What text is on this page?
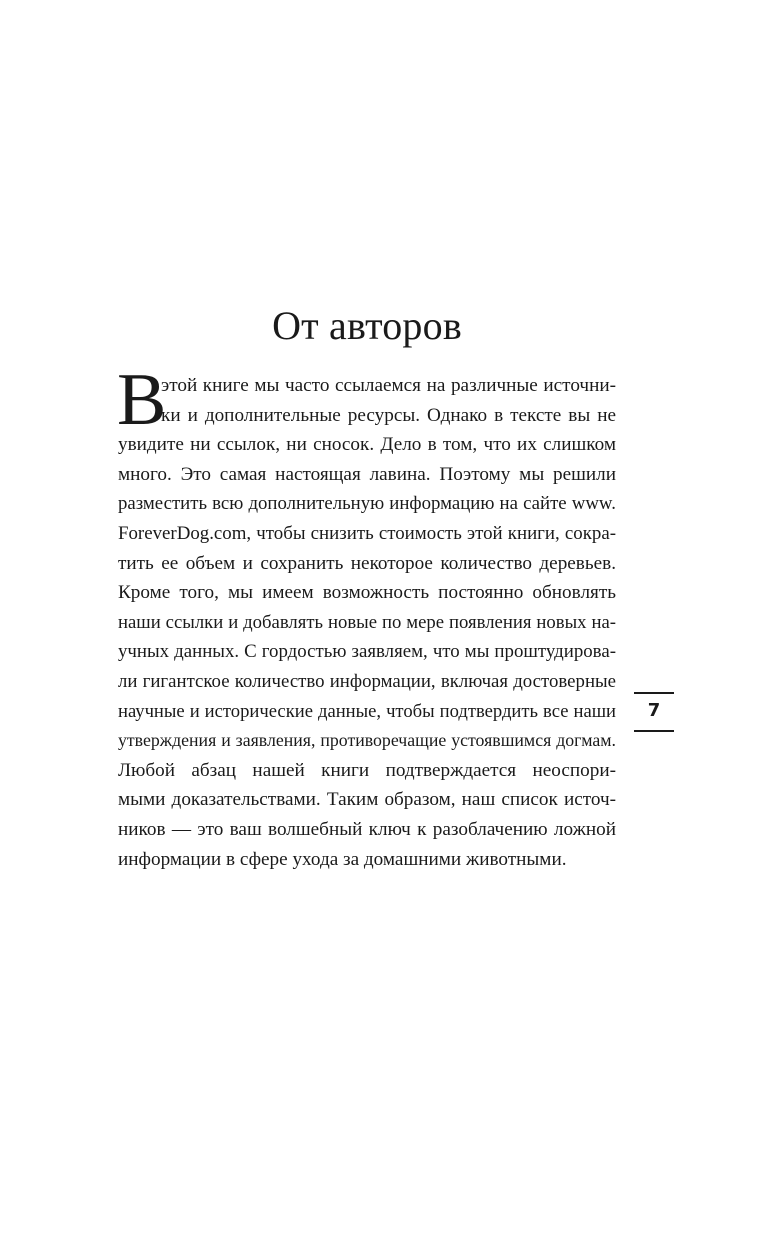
От авторов
В
этой книге мы часто ссылаемся на различные источни-
ки и дополнительные ресурсы. Однако в тексте вы не
увидите ни ссылок, ни сносок. Дело в том, что их слишком
много. Это самая настоящая лавина. Поэтому мы решили
разместить всю дополнительную информацию на сайте www.
ForeverDog.com, чтобы снизить стоимость этой книги, сокра-
тить ее объем и сохранить некоторое количество деревьев.
Кроме того, мы имеем возможность постоянно обновлять
наши ссылки и добавлять новые по мере появления новых на-
учных данных. С гордостью заявляем, что мы проштудирова-
ли гигантское количество информации, включая достоверные
научные и исторические данные, чтобы подтвердить все наши
утверждения и заявления, противоречащие устоявшимся догмам.
Любой абзац нашей книги подтверждается неоспори-
мыми доказательствами. Таким образом, наш список источ-
ников — это ваш волшебный ключ к разоблачению ложной
информации в сфере ухода за домашними животными.
7
